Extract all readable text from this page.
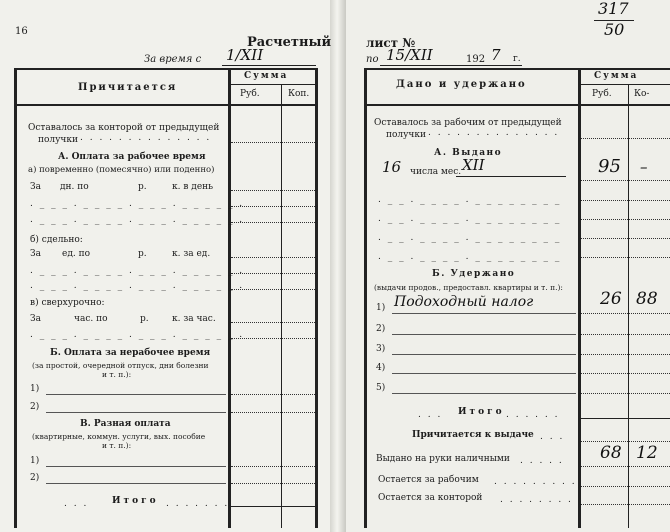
16
Расчетный	лист №
За время с 1/XII	по 15/XII	192 7 г.
317
50
Причитается
Сумма
Руб.	Коп.
Оставалось за конторой от предыдущей
получки . . . . . . . . . . . . . .
А. Оплата за рабочее время
а) повременно (помесячно) или поденно)
За дн. по	р.	к. в день
. _ _ _ . _ _ _ _ . _ _ _ . _ _ _ _ _ .
. _ _ _ . _ _ _ _ . _ _ _ . _ _ _ _ _ .
б) сдельно:
За ед. по	р.	к. за ед.
. _ _ _ . _ _ _ _ . _ _ _ . _ _ _ _ _ .
. _ _ _ . _ _ _ _ . _ _ _ . _ _ _ _ _ .
в) сверхурочно:
За	час. по	р.	к. за час.
. _ _ _ . _ _ _ _ . _ _ _ . _ _ _ _ _ .
Б. Оплата за нерабочее время
(за простой, очередной отпуск, дни болезни
и т. п.):
1)
2)
В. Разная оплата
(квартирные, коммун. услуги, вых. пособие
и т. п.):
1)
2)
. . .	Итого . . . . . . .
Дано и удержано
Сумма
Руб. Ко-
Оставалось за рабочим от предыдущей
получки . . . . . . . . . . . . . .
А. Выдано
16 числа мес. XII	95 –
. _ _ . _ _ _ _ . _ _ _ _ _ _ _ _
. _ _ . _ _ _ _ . _ _ _ _ _ _ _ _
. _ _ . _ _ _ _ . _ _ _ _ _ _ _ _
. _ _ . _ _ _ _ . _ _ _ _ _ _ _ _
Б. Удержано
(выдачи продов., предоставл. квартиры и т. п.):
1) Подоходный налог	26 88
2)
3)
4)
5)
. . . Итого . . . . . .
Причитается к выдаче . . .
Выдано на руки наличными . . . . . 68 12
Остается за рабочим . . . . . . . . .
Остается за конторой . . . . . . . .
